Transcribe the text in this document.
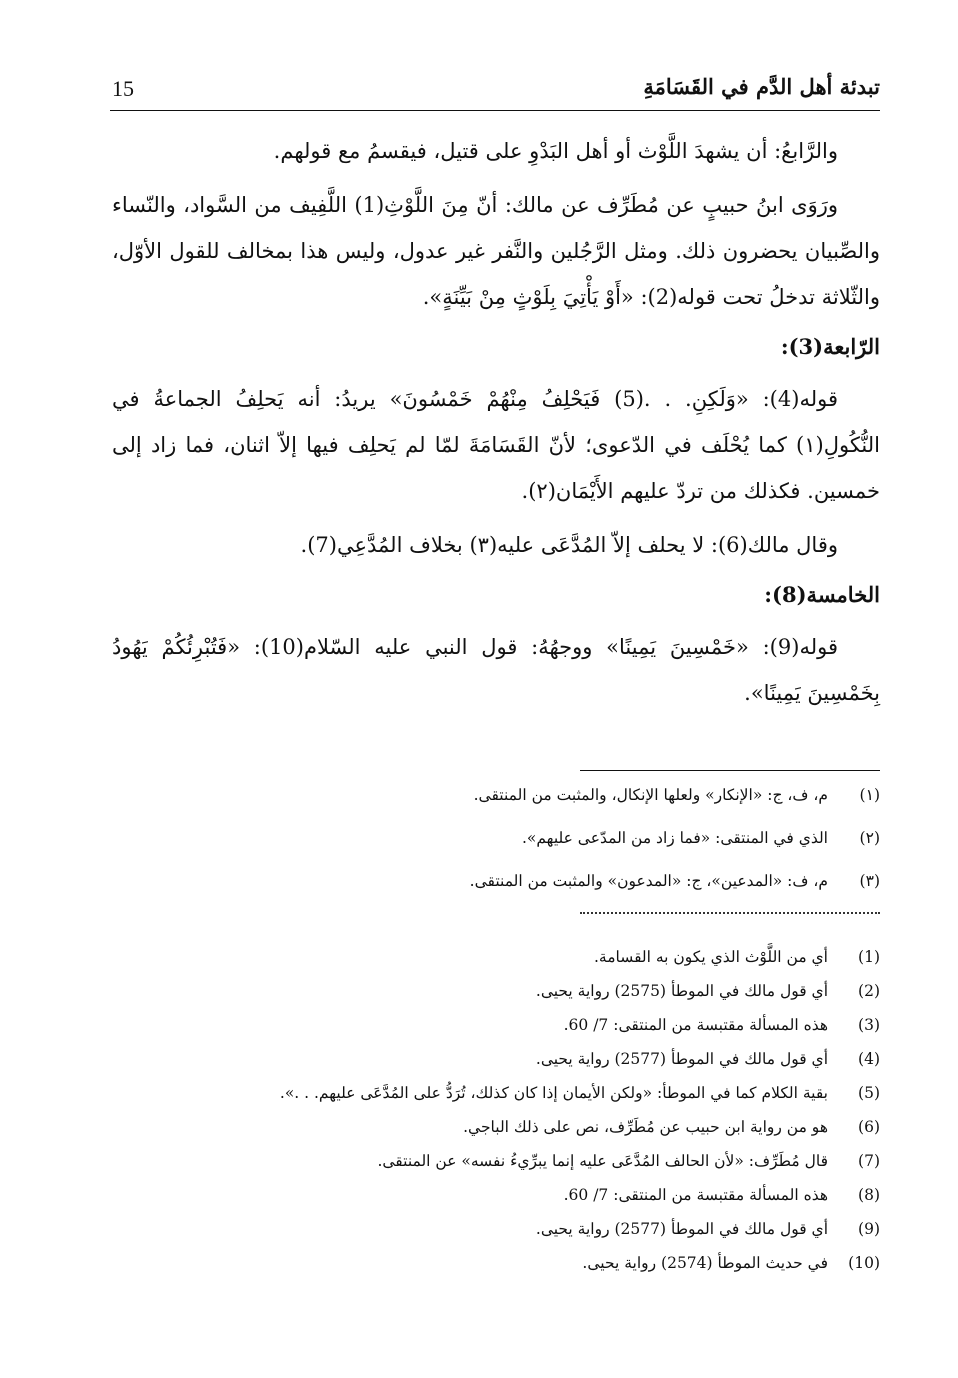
15	تبدئة أهل الدَّم في القَسَامَةِ

والرَّابعُ: أن يشهدَ اللَّوْث أو أهل البَدْوِ على قتيل، فيقسمُ مع قولهم.

ورَوَى ابنُ حبيبٍ عن مُطَرِّف عن مالك: أنّ مِنَ اللَّوْثِ(1) اللَّفِيف من السَّواد، والنّساء والصِّبيان يحضرون ذلك. ومثل الرَّجُلين والنَّفر غير عدول، وليس هذا بمخالف للقول الأوّل، والثّلاثة تدخلُ تحت قوله(2): «أَوْ يَأْتِيَ بِلَوْثٍ مِنْ بَيِّنَةٍ».

الرّابعة(3):

قوله(4): «وَلَكِنِ. . .(5) فَيَحْلِفُ مِنْهُمْ خَمْسُونَ» يريدُ: أنه يَحلِفُ الجماعةُ في النُّكُولِ(١) كما يُحْلَف في الدّعوى؛ لأنّ القَسَامَةَ لمّا لم يَحلِف فيها إلاّ اثنان، فما زاد إلى خمسين. فكذلك من تردّ عليهم الأَيْمَان(٢).

وقال مالك(6): لا يحلف إلاّ المُدَّعَى عليه(٣) بخلاف المُدَّعِي(7).

الخامسة(8):

قوله(9): «خَمْسِينَ يَمِينًا» ووجهُهُ: قول النبي عليه السّلام(10): «فَتُبْرِئُكُمْ يَهُودُ بِخَمْسِينَ يَمِينًا».

(١)
م، ف، ج: «الإنكار» ولعلها الإنكال، والمثبت من المنتقى.
(٢)
الذي في المنتقى: «فما زاد من المدّعى عليهم».
(٣)
م، ف: «المدعين»، ج: «المدعون» والمثبت من المنتقى.
(1)
أي من اللَّوْث الذي يكون به القسامة.
(2)
أي قول مالك في الموطأ (2575) رواية يحيى.
(3)
هذه المسألة مقتبسة من المنتقى: 7/ 60.
(4)
أي قول مالك في الموطأ (2577) رواية يحيى.
(5)
بقية الكلام كما في الموطأ: «ولكن الأيمان إذا كان كذلك، تُرَدُّ على المُدَّعَى عليهم. . .».
(6)
هو من رواية ابن حبيب عن مُطَرِّف، نص على ذلك الباجي.
(7)
قال مُطَرِّف: «لأن الحالف المُدَّعَى عليه إنما يبرِّيءُ نفسه» عن المنتقى.
(8)
هذه المسألة مقتبسة من المنتقى: 7/ 60.
(9)
أي قول مالك في الموطأ (2577) رواية يحيى.
(10)
في حديث الموطأ (2574) رواية يحيى.
